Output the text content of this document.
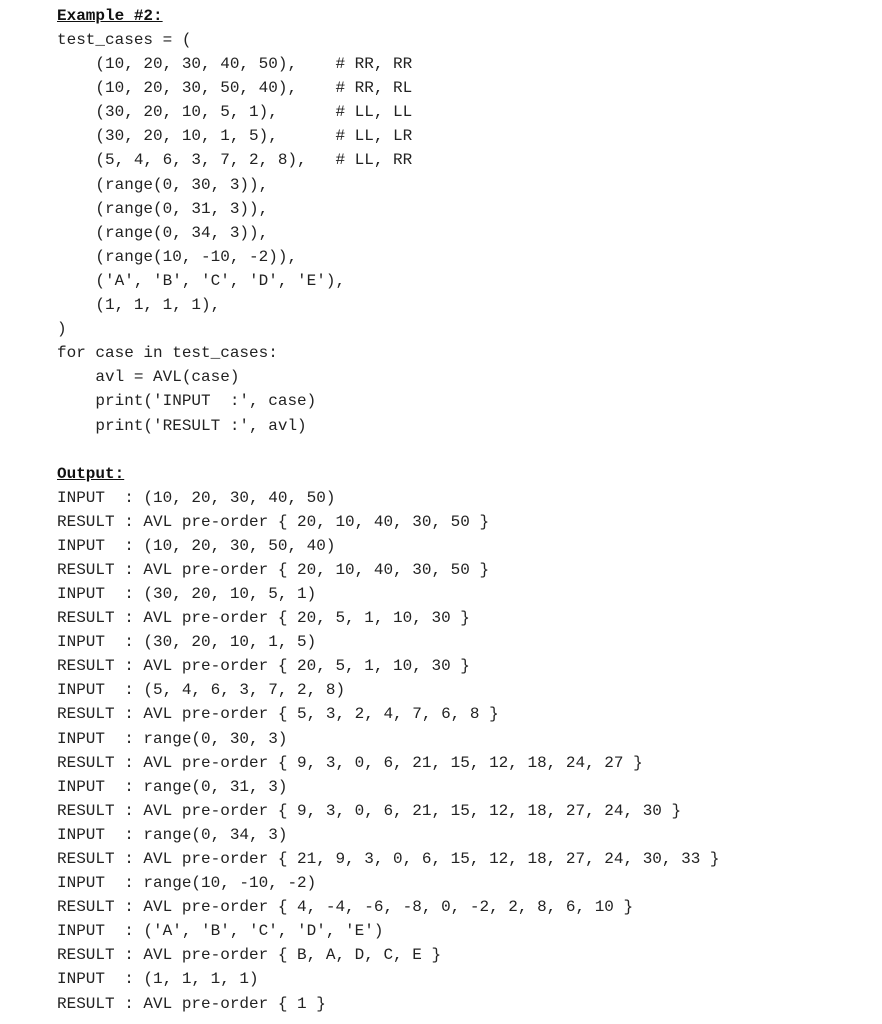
Example #2:
test_cases = (
(10, 20, 30, 40, 50),    # RR, RR
(10, 20, 30, 50, 40),    # RR, RL
(30, 20, 10, 5, 1),      # LL, LL
(30, 20, 10, 1, 5),      # LL, LR
(5, 4, 6, 3, 7, 2, 8),   # LL, RR
(range(0, 30, 3)),
(range(0, 31, 3)),
(range(0, 34, 3)),
(range(10, -10, -2)),
('A', 'B', 'C', 'D', 'E'),
(1, 1, 1, 1),
)
for case in test_cases:
avl = AVL(case)
print('INPUT  :', case)
print('RESULT :', avl)
Output:
INPUT  : (10, 20, 30, 40, 50)
RESULT : AVL pre-order { 20, 10, 40, 30, 50 }
INPUT  : (10, 20, 30, 50, 40)
RESULT : AVL pre-order { 20, 10, 40, 30, 50 }
INPUT  : (30, 20, 10, 5, 1)
RESULT : AVL pre-order { 20, 5, 1, 10, 30 }
INPUT  : (30, 20, 10, 1, 5)
RESULT : AVL pre-order { 20, 5, 1, 10, 30 }
INPUT  : (5, 4, 6, 3, 7, 2, 8)
RESULT : AVL pre-order { 5, 3, 2, 4, 7, 6, 8 }
INPUT  : range(0, 30, 3)
RESULT : AVL pre-order { 9, 3, 0, 6, 21, 15, 12, 18, 24, 27 }
INPUT  : range(0, 31, 3)
RESULT : AVL pre-order { 9, 3, 0, 6, 21, 15, 12, 18, 27, 24, 30 }
INPUT  : range(0, 34, 3)
RESULT : AVL pre-order { 21, 9, 3, 0, 6, 15, 12, 18, 27, 24, 30, 33 }
INPUT  : range(10, -10, -2)
RESULT : AVL pre-order { 4, -4, -6, -8, 0, -2, 2, 8, 6, 10 }
INPUT  : ('A', 'B', 'C', 'D', 'E')
RESULT : AVL pre-order { B, A, D, C, E }
INPUT  : (1, 1, 1, 1)
RESULT : AVL pre-order { 1 }
